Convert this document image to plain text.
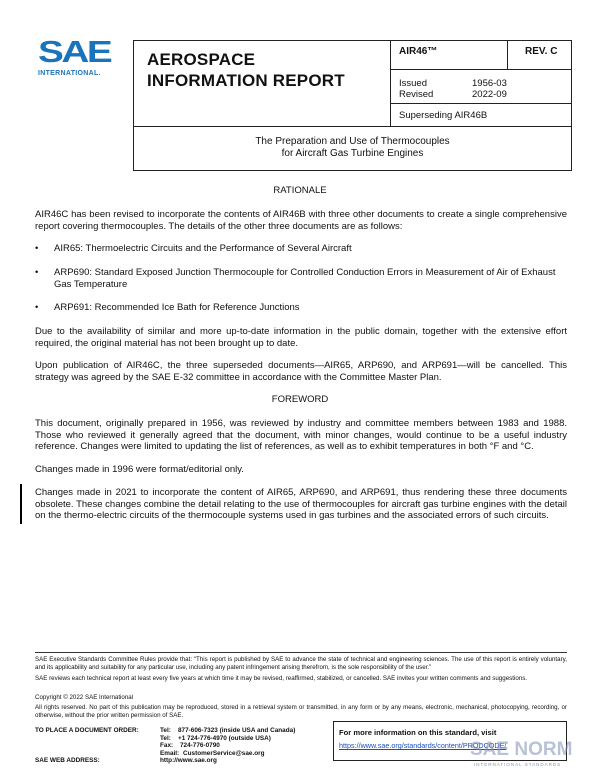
SAE
INTERNATIONAL.
AEROSPACE
INFORMATION REPORT
AIR46™	REV. C
Issued	1956-03
Revised	2022-09
Superseding AIR46B
The Preparation and Use of Thermocouples
for Aircraft Gas Turbine Engines
RATIONALE
AIR46C has been revised to incorporate the contents of AIR46B with three other documents to create a single comprehensive report covering thermocouples. The details of the other three documents are as follows:
• AIR65: Thermoelectric Circuits and the Performance of Several Aircraft
• ARP690: Standard Exposed Junction Thermocouple for Controlled Conduction Errors in Measurement of Air of Exhaust Gas Temperature
• ARP691: Recommended Ice Bath for Reference Junctions
Due to the availability of similar and more up-to-date information in the public domain, together with the extensive effort required, the original material has not been brought up to date.
Upon publication of AIR46C, the three superseded documents—AIR65, ARP690, and ARP691—will be cancelled. This strategy was agreed by the SAE E-32 committee in accordance with the Committee Master Plan.
FOREWORD
This document, originally prepared in 1956, was reviewed by industry and committee members between 1983 and 1988. Those who reviewed it generally agreed that the document, with minor changes, would continue to be a useful industry reference. Changes were limited to updating the list of references, as well as to exhibit temperatures in both °F and °C.
Changes made in 1996 were format/editorial only.
Changes made in 2021 to incorporate the content of AIR65, ARP690, and ARP691, thus rendering these three documents obsolete. These changes combine the detail relating to the use of thermocouples for aircraft gas turbine engines with the detail on the thermo-electric circuits of the thermocouple systems used in gas turbines and the associated errors of such circuits.
SAE Executive Standards Committee Rules provide that: “This report is published by SAE to advance the state of technical and engineering sciences. The use of this report is entirely voluntary, and its applicability and suitability for any particular use, including any patent infringement arising therefrom, is the sole responsibility of the user.”
SAE reviews each technical report at least every five years at which time it may be revised, reaffirmed, stabilized, or cancelled. SAE invites your written comments and suggestions.
Copyright © 2022 SAE International
All rights reserved. No part of this publication may be reproduced, stored in a retrieval system or transmitted, in any form or by any means, electronic, mechanical, photocopying, recording, or otherwise, without the prior written permission of SAE.
TO PLACE A DOCUMENT ORDER:	Tel: 877-606-7323 (inside USA and Canada)
Tel: +1 724-776-4970 (outside USA)
Fax: 724-776-0790
Email: CustomerService@sae.org
SAE WEB ADDRESS:	http://www.sae.org
For more information on this standard, visit
https://www.sae.org/standards/content/PRODCODE/
SAE NORM
INTERNATIONAL STANDARDS
